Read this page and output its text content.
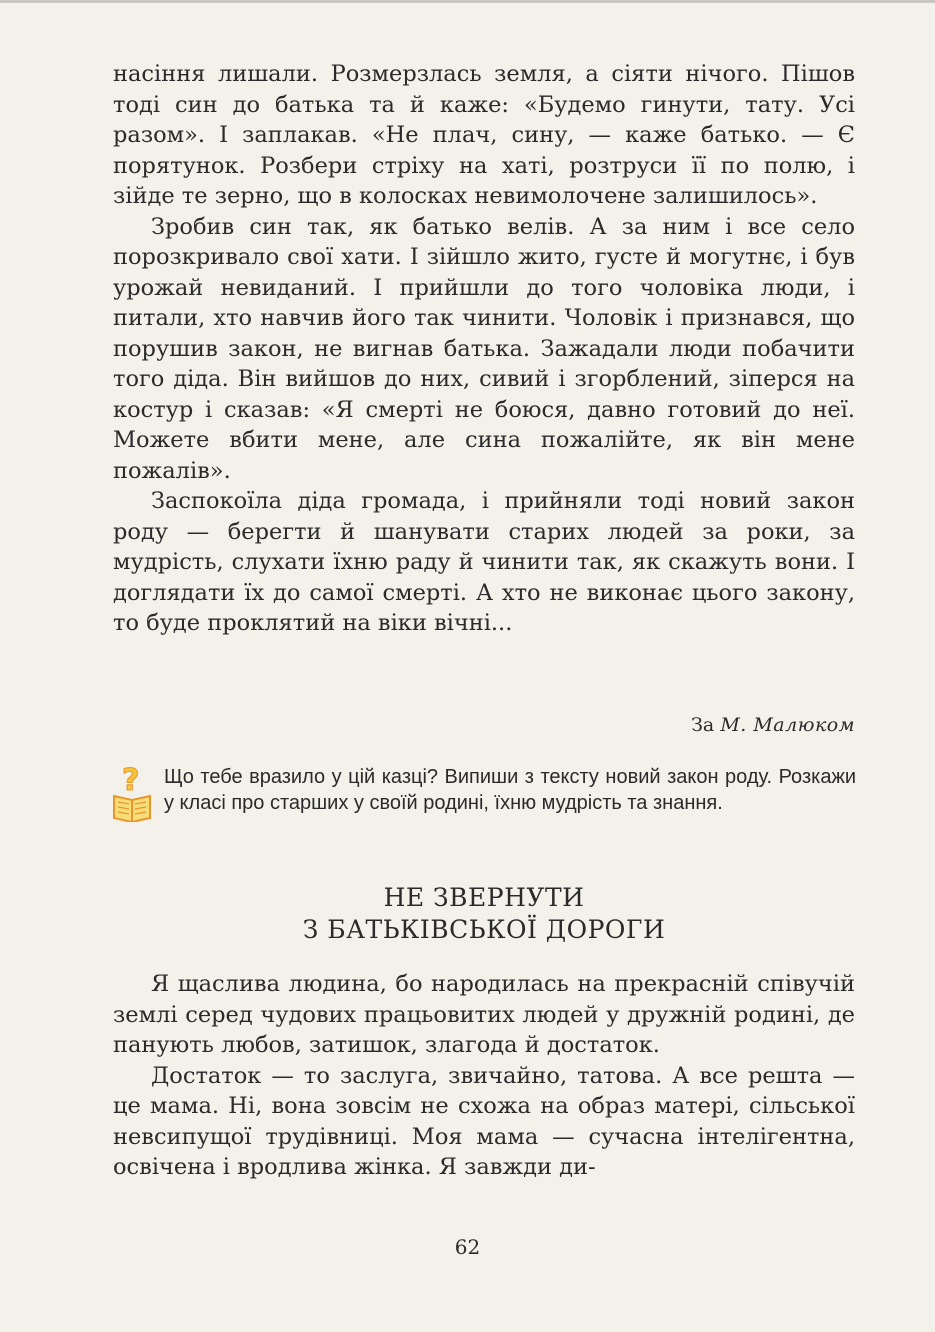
насіння лишали. Розмерзлась земля, а сіяти нічого. Пішов тоді син до батька та й каже: «Будемо гинути, тату. Усі разом». І заплакав. «Не плач, сину, — каже батько. — Є порятунок. Розбери стріху на хаті, розтруси її по полю, і зійде те зерно, що в колосках невимолочене залишилось».

Зробив син так, як батько велів. А за ним і все село порозкривало свої хати. І зійшло жито, густе й могутнє, і був урожай невиданий. І прийшли до того чоловіка люди, і питали, хто навчив його так чинити. Чоловік і признався, що порушив закон, не вигнав батька. Зажадали люди побачити того діда. Він вийшов до них, сивий і згорблений, зіперся на костур і сказав: «Я смерті не боюся, давно готовий до неї. Можете вбити мене, але сина пожалійте, як він мене пожалів».

Заспокоїла діда громада, і прийняли тоді новий закон роду — берегти й шанувати старих людей за роки, за мудрість, слухати їхню раду й чинити так, як скажуть вони. І доглядати їх до самої смерті. А хто не виконає цього закону, то буде проклятий на віки вічні...

За М. Малюком
? Що тебе вразило у цій казці? Випиши з тексту новий закон роду. Розкажи у класі про старших у своїй родині, їхню мудрість та знання.
НЕ ЗВЕРНУТИ
З БАТЬКІВСЬКОЇ ДОРОГИ

Я щаслива людина, бо народилась на прекрасній співучій землі серед чудових працьовитих людей у дружній родині, де панують любов, затишок, злагода й достаток.

Достаток — то заслуга, звичайно, татова. А все решта — це мама. Ні, вона зовсім не схожа на образ матері, сільської невсипущої трудівниці. Моя мама — сучасна інтелігентна, освічена і вродлива жінка. Я завжди ди-

62
